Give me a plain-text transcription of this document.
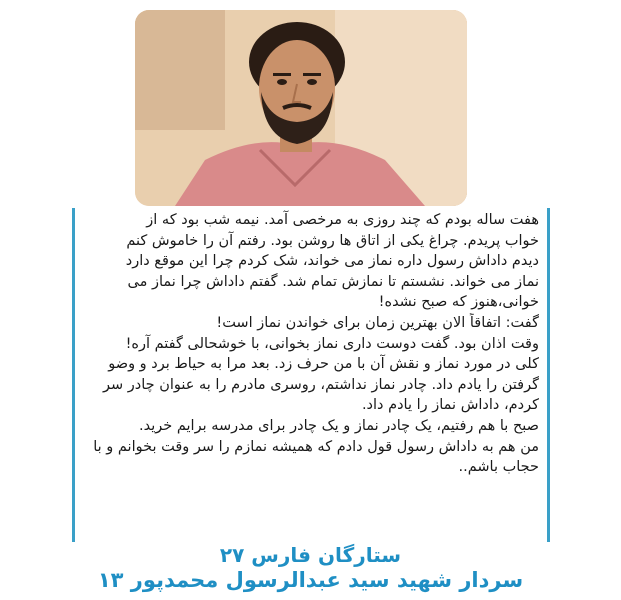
هفت ساله بودم که چند روزی به مرخصی آمد. نیمه شب بود که از
خواب پریدم. چراغ یکی از اتاق ها روشن بود. رفتم آن را خاموش کنم
دیدم داداش رسول داره نماز می خواند، شک کردم چرا این موقع دارد
نماز می خواند. نشستم تا نمازش تمام شد. گفتم داداش چرا نماز می
خوانی،هنوز که صبح نشده!
گفت: اتفاقاً الان بهترین زمان برای خواندن نماز است!
وقت اذان بود. گفت دوست داری نماز بخوانی، با خوشحالی گفتم آره!
کلی در مورد نماز و نقش آن با من حرف زد. بعد مرا به حیاط برد و وضو
گرفتن را یادم داد. چادر نماز نداشتم، روسری مادرم را به عنوان چادر سر
کردم، داداش نماز را یادم داد.
صبح با هم رفتیم، یک چادر نماز و یک چادر برای مدرسه برایم خرید.
من هم به داداش رسول قول دادم که همیشه نمازم را سر وقت بخوانم و با
حجاب باشم..
ستارگان فارس ۲۷
سردار شهید سید عبدالرسول محمدپور ۱۳
